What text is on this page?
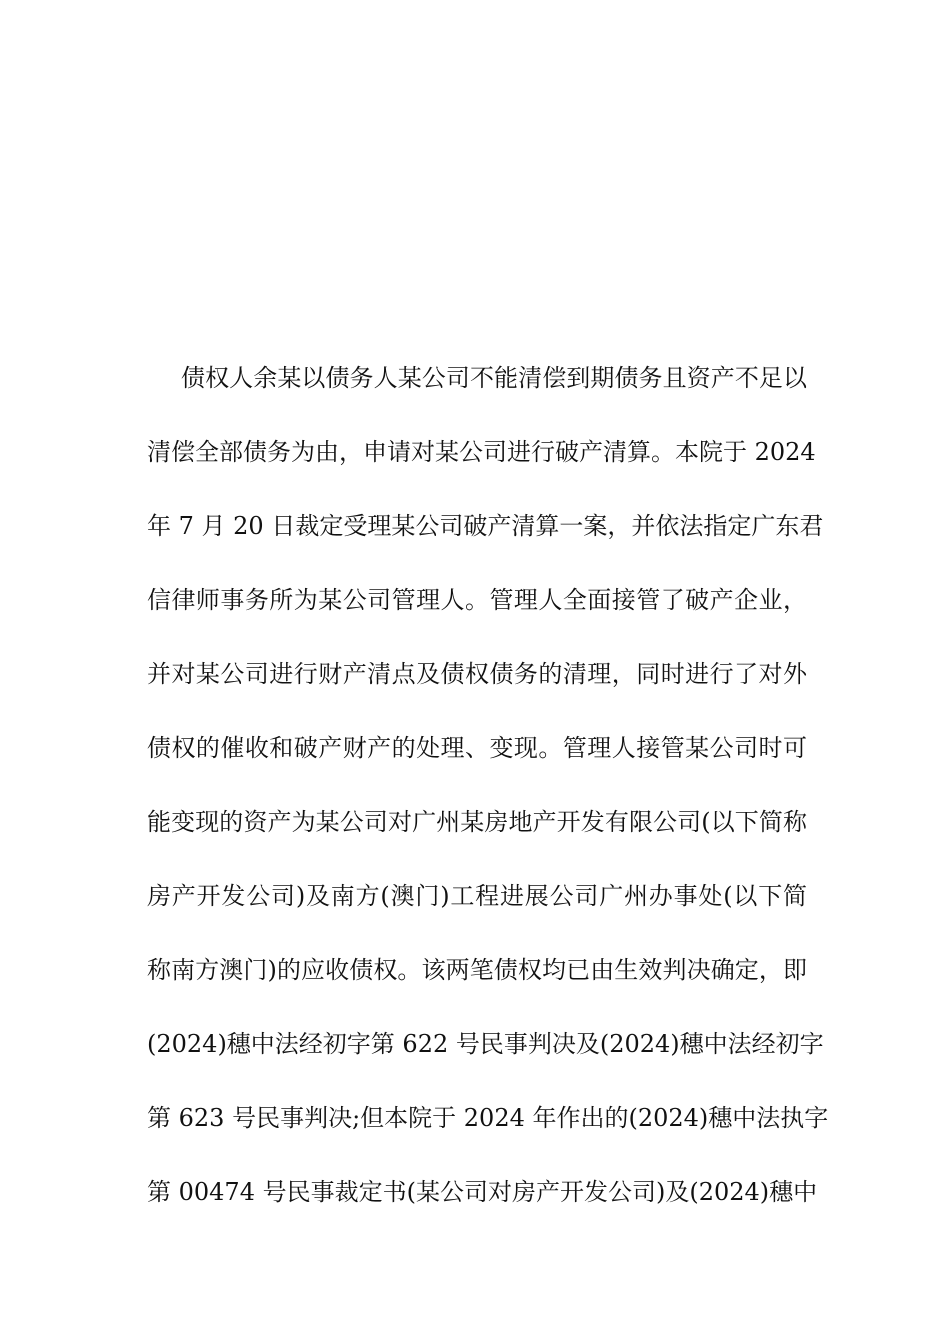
债权人余某以债务人某公司不能清偿到期债务且资产不足以
清偿全部债务为由，申请对某公司进行破产清算。本院于 2024
年 7 月 20 日裁定受理某公司破产清算一案，并依法指定广东君
信律师事务所为某公司管理人。管理人全面接管了破产企业，
并对某公司进行财产清点及债权债务的清理，同时进行了对外
债权的催收和破产财产的处理、变现。管理人接管某公司时可
能变现的资产为某公司对广州某房地产开发有限公司(以下简称
房产开发公司)及南方(澳门)工程进展公司广州办事处(以下简
称南方澳门)的应收债权。该两笔债权均已由生效判决确定，即
(2024)穗中法经初字第 622 号民事判决及(2024)穗中法经初字
第 623 号民事判决;但本院于 2024 年作出的(2024)穗中法执字
第 00474 号民事裁定书(某公司对房产开发公司)及(2024)穗中
